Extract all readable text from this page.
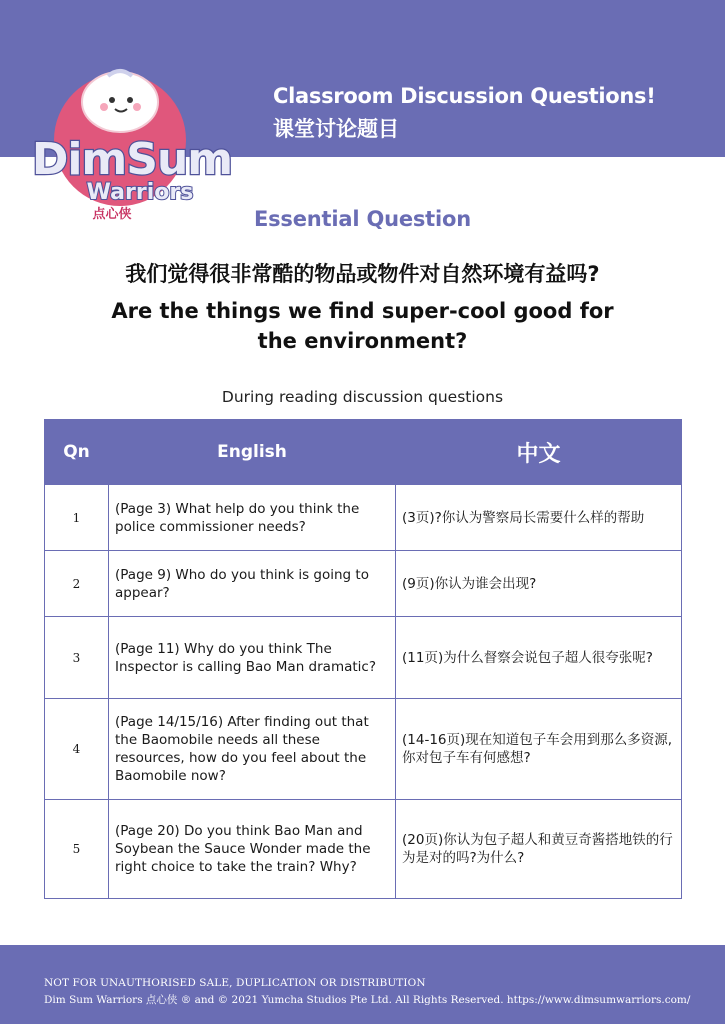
Classroom Discussion Questions!
课堂讨论题目
DimSum
Warriors
点心侠	Essential Question
我们觉得很非常酷的物品或物件对自然环境有益吗?
Are the things we find super-cool good for
the environment?
During reading discussion questions
Qn	English	中文
1	(Page 3) What help do you think the police commissioner needs?	(3页)?你认为警察局长需要什么样的帮助
2	(Page 9) Who do you think is going to appear?	(9页)你认为谁会出现?
3	(Page 11) Why do you think The Inspector is calling Bao Man dramatic?	(11页)为什么督察会说包子超人很夸张呢?
4	(Page 14/15/16) After finding out that the Baomobile needs all these resources, how do you feel about the Baomobile now?	(14-16页)现在知道包子车会用到那么多资源,你对包子车有何感想?
5	(Page 20) Do you think Bao Man and Soybean the Sauce Wonder made the right choice to take the train? Why?	(20页)你认为包子超人和黄豆奇酱搭地铁的行为是对的吗?为什么?
NOT FOR UNAUTHORISED SALE, DUPLICATION OR DISTRIBUTION
Dim Sum Warriors 点心侠 ® and © 2021 Yumcha Studios Pte Ltd. All Rights Reserved. https://www.dimsumwarriors.com/
